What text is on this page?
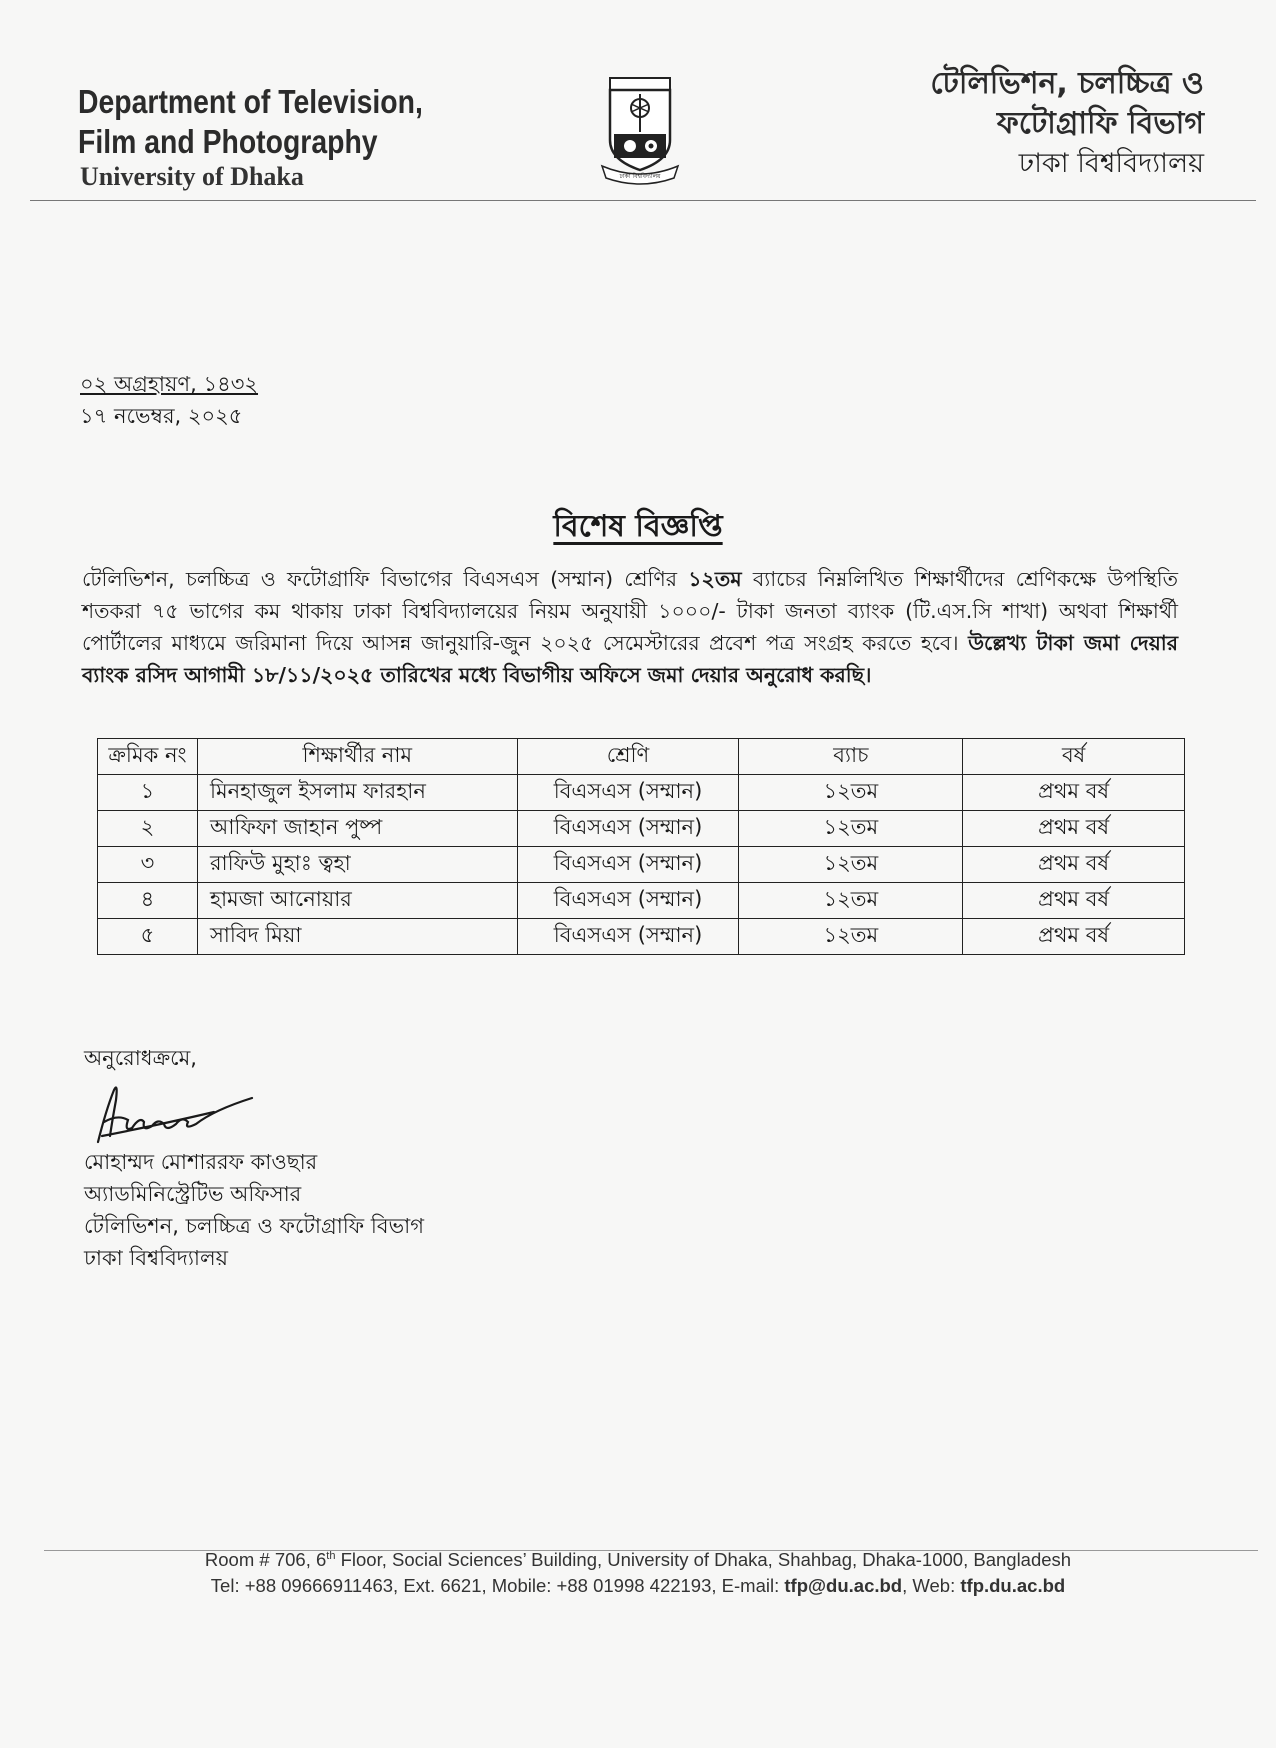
Department of Television,
Film and Photography
University of Dhaka	ঢাকা বিশ্ববিদ্যালয়
টেলিভিশন, চলচ্চিত্র ও
ফটোগ্রাফি বিভাগ
ঢাকা বিশ্ববিদ্যালয়
০২ অগ্রহায়ণ, ১৪৩২
১৭ নভেম্বর, ২০২৫
বিশেষ বিজ্ঞপ্তি
টেলিভিশন, চলচ্চিত্র ও ফটোগ্রাফি বিভাগের বিএসএস (সম্মান) শ্রেণির ১২তম ব্যাচের নিম্নলিখিত শিক্ষার্থীদের শ্রেণিকক্ষে উপস্থিতি শতকরা ৭৫ ভাগের কম থাকায় ঢাকা বিশ্ববিদ্যালয়ের নিয়ম অনুযায়ী ১০০০/- টাকা জনতা ব্যাংক (টি.এস.সি শাখা) অথবা শিক্ষার্থী পোর্টালের মাধ্যমে জরিমানা দিয়ে আসন্ন জানুয়ারি-জুন ২০২৫ সেমেস্টারের প্রবেশ পত্র সংগ্রহ করতে হবে। উল্লেখ্য টাকা জমা দেয়ার ব্যাংক রসিদ আগামী ১৮/১১/২০২৫ তারিখের মধ্যে বিভাগীয় অফিসে জমা দেয়ার অনুরোধ করছি।
ক্রমিক নং	শিক্ষার্থীর নাম	শ্রেণি	ব্যাচ	বর্ষ
১	মিনহাজুল ইসলাম ফারহান	বিএসএস (সম্মান)	১২তম	প্রথম বর্ষ
২	আফিফা জাহান পুষ্প	বিএসএস (সম্মান)	১২তম	প্রথম বর্ষ
৩	রাফিউ মুহাঃ ত্বহা	বিএসএস (সম্মান)	১২তম	প্রথম বর্ষ
৪	হামজা আনোয়ার	বিএসএস (সম্মান)	১২তম	প্রথম বর্ষ
৫	সাবিদ মিয়া	বিএসএস (সম্মান)	১২তম	প্রথম বর্ষ
অনুরোধক্রমে,
মোহাম্মদ মোশাররফ কাওছার
অ্যাডমিনিস্ট্রেটিভ অফিসার
টেলিভিশন, চলচ্চিত্র ও ফটোগ্রাফি বিভাগ
ঢাকা বিশ্ববিদ্যালয়
Room # 706, 6th Floor, Social Sciences’ Building, University of Dhaka, Shahbag, Dhaka-1000, Bangladesh
Tel: +88 09666911463, Ext. 6621, Mobile: +88 01998 422193, E-mail: tfp@du.ac.bd, Web: tfp.du.ac.bd
